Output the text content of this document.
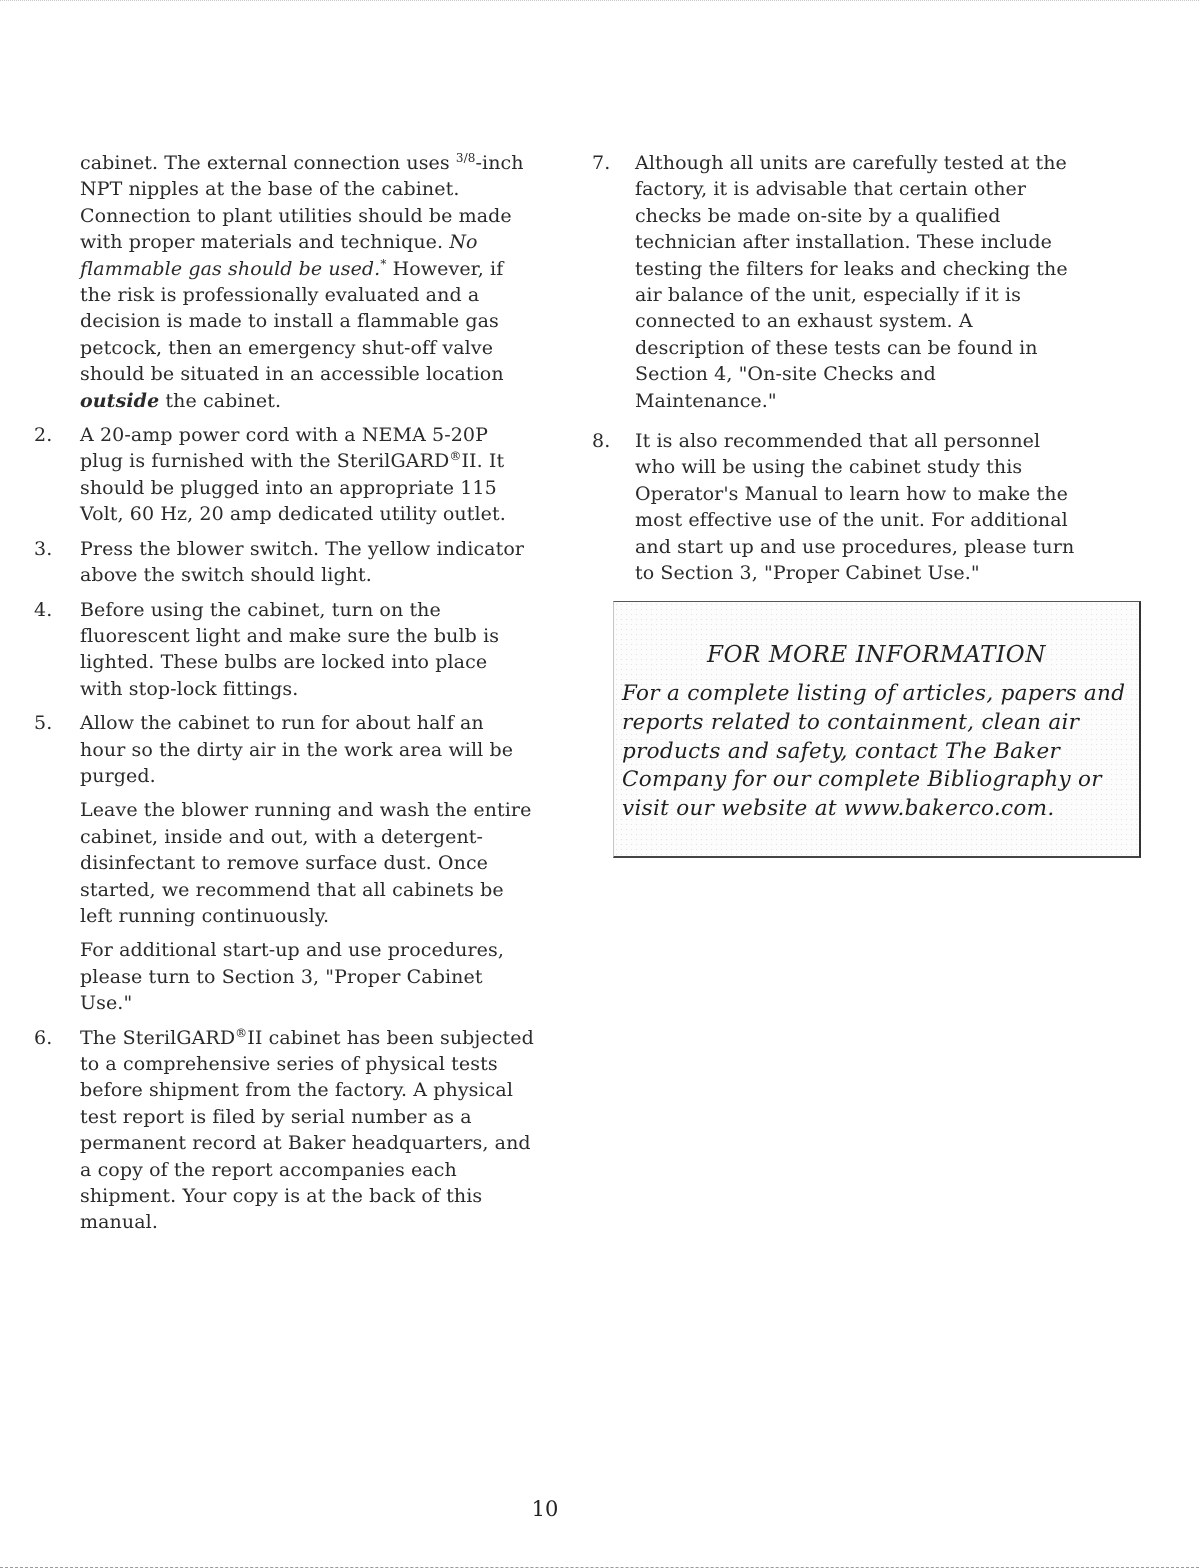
cabinet. The external connection uses $^{3/8}$-inch NPT nipples at the base of the cabinet. Connection to plant utilities should be made with proper materials and technique. No flammable gas should be used.* However, if the risk is professionally evaluated and a decision is made to install a flammable gas petcock, then an emergency shut-off valve should be situated in an accessible location outside the cabinet.
2. A 20-amp power cord with a NEMA 5-20P plug is furnished with the SterilGARD®II. It should be plugged into an appropriate 115 Volt, 60 Hz, 20 amp dedicated utility outlet.
3. Press the blower switch. The yellow indicator above the switch should light.
4. Before using the cabinet, turn on the fluorescent light and make sure the bulb is lighted. These bulbs are locked into place with stop-lock fittings.
5. Allow the cabinet to run for about half an hour so the dirty air in the work area will be purged.
Leave the blower running and wash the entire cabinet, inside and out, with a detergent-disinfectant to remove surface dust. Once started, we recommend that all cabinets be left running continuously.
For additional start-up and use procedures, please turn to Section 3, "Proper Cabinet Use."
6. The SterilGARD®II cabinet has been subjected to a comprehensive series of physical tests before shipment from the factory. A physical test report is filed by serial number as a permanent record at Baker headquarters, and a copy of the report accompanies each shipment. Your copy is at the back of this manual.
7. Although all units are carefully tested at the factory, it is advisable that certain other checks be made on-site by a qualified technician after installation. These include testing the filters for leaks and checking the air balance of the unit, especially if it is connected to an exhaust system. A description of these tests can be found in Section 4, "On-site Checks and Maintenance."
8. It is also recommended that all personnel who will be using the cabinet study this Operator's Manual to learn how to make the most effective use of the unit. For additional and start up and use procedures, please turn to Section 3, "Proper Cabinet Use."
FOR MORE INFORMATION
For a complete listing of articles, papers and reports related to containment, clean air products and safety, contact The Baker Company for our complete Bibliography or visit our website at www.bakerco.com.
10
